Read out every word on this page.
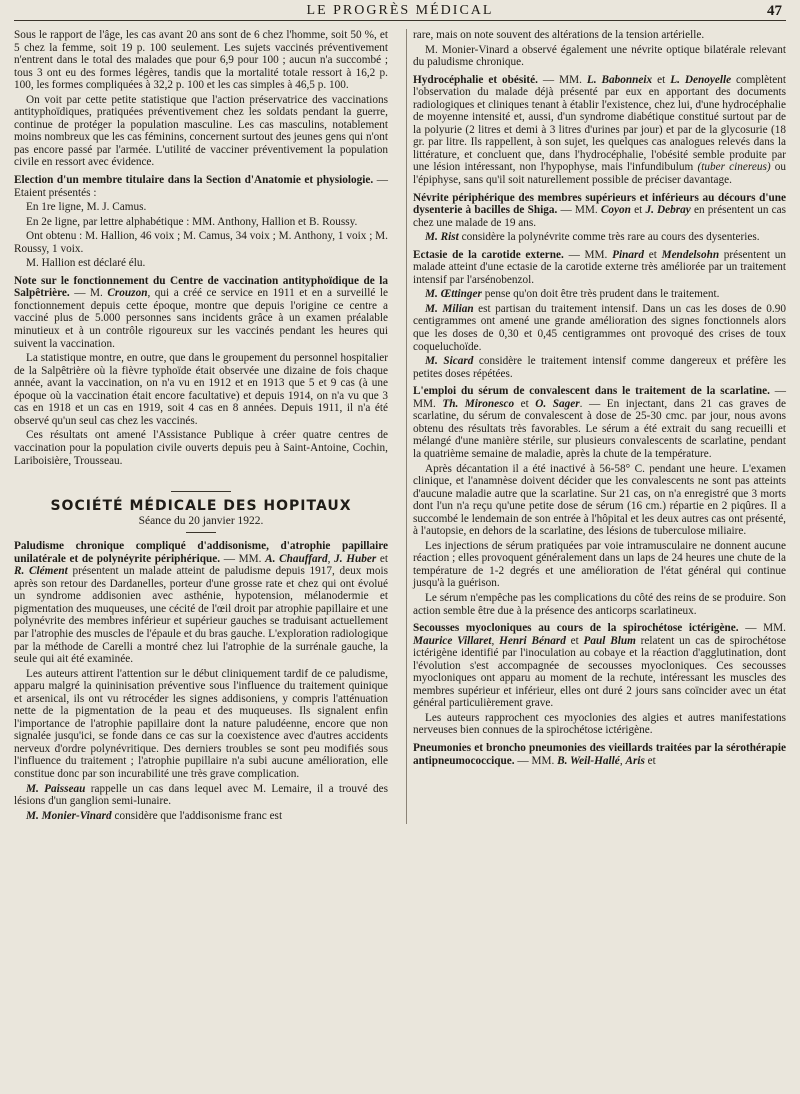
LE PROGRÈS MÉDICAL	47

Sous le rapport de l'âge, les cas avant 20 ans sont de 6 chez l'homme, soit 50 %, et 5 chez la femme, soit 19 p. 100 seulement. Les sujets vaccinés préventivement n'entrent dans le total des malades que pour 6,9 pour 100 ; aucun n'a succombé ; tous 3 ont eu des formes légères, tandis que la mortalité totale ressort à 16,2 p. 100, les formes compliquées à 32,2 p. 100 et les cas simples à 46,5 p. 100.

On voit par cette petite statistique que l'action préservatrice des vaccinations antityphoïdiques, pratiquées préventivement chez les soldats pendant la guerre, continue de protéger la population masculine. Les cas masculins, notablement moins nombreux que les cas féminins, concernent surtout des jeunes gens qui n'ont pas encore passé par l'armée. L'utilité de vacciner préventivement la population civile en ressort avec évidence.

Election d'un membre titulaire dans la Section d'Anatomie et physiologie. — Etaient présentés :

En 1re ligne, M. J. Camus.

En 2e ligne, par lettre alphabétique : MM. Anthony, Hallion et B. Roussy.

Ont obtenu : M. Hallion, 46 voix ; M. Camus, 34 voix ; M. Anthony, 1 voix ; M. Roussy, 1 voix.

M. Hallion est déclaré élu.

Note sur le fonctionnement du Centre de vaccination antityphoïdique de la Salpêtrière. — M. Crouzon, qui a créé ce service en 1911 et en a surveillé le fonctionnement depuis cette époque, montre que depuis l'origine ce centre a vacciné plus de 5.000 personnes sans incidents grâce à un examen préalable minutieux et à un contrôle rigoureux sur les vaccinés pendant les heures qui suivent la vaccination.

La statistique montre, en outre, que dans le groupement du personnel hospitalier de la Salpêtrière où la fièvre typhoïde était observée une dizaine de fois chaque année, avant la vaccination, on n'a vu en 1912 et en 1913 que 5 et 9 cas (à une époque où la vaccination était encore facultative) et depuis 1914, on n'a vu que 3 cas en 1918 et un cas en 1919, soit 4 cas en 8 années. Depuis 1911, il n'a été observé qu'un seul cas chez les vaccinés.

Ces résultats ont amené l'Assistance Publique à créer quatre centres de vaccination pour la population civile ouverts depuis peu à Saint-Antoine, Cochin, Lariboisière, Trousseau.

SOCIÉTÉ MÉDICALE DES HOPITAUX
Séance du 20 janvier 1922.

Paludisme chronique compliqué d'addisonisme, d'atrophie papillaire unilatérale et de polynéyrite périphérique. — MM. A. Chauffard, J. Huber et R. Clément présentent un malade atteint de paludisme depuis 1917, deux mois après son retour des Dardanelles, porteur d'une grosse rate et chez qui ont évolué un syndrome addisonien avec asthénie, hypotension, mélanodermie et pigmentation des muqueuses, une cécité de l'œil droit par atrophie papillaire et une polynévrite des membres inférieur et supérieur gauches se traduisant actuellement par l'atrophie des muscles de l'épaule et du bras gauche. L'exploration radiologique par la méthode de Carelli a montré chez lui l'atrophie de la surrénale gauche, la seule qui ait été examinée.

Les auteurs attirent l'attention sur le début cliniquement tardif de ce paludisme, apparu malgré la quininisation préventive sous l'influence du traitement quinique et arsenical, ils ont vu rétrocéder les signes addisoniens, y compris l'atténuation nette de la pigmentation de la peau et des muqueuses. Ils signalent enfin l'importance de l'atrophie papillaire dont la nature paludéenne, encore que non signalée jusqu'ici, se fonde dans ce cas sur la coexistence avec d'autres accidents nerveux d'ordre polynévritique. Des derniers troubles se sont peu modifiés sous l'influence du traitement ; l'atrophie pupillaire n'a subi aucune amélioration, elle constitue donc par son incurabilité une très grave complication.

M. Paisseau rappelle un cas dans lequel avec M. Lemaire, il a trouvé des lésions d'un ganglion semi-lunaire.

M. Monier-Vinard considère que l'addisonisme franc est

rare, mais on note souvent des altérations de la tension artérielle.

M. Monier-Vinard a observé également une névrite optique bilatérale relevant du paludisme chronique.

Hydrocéphalie et obésité. — MM. L. Babonneix et L. Denoyelle complètent l'observation du malade déjà présenté par eux en apportant des documents radiologiques et cliniques tenant à établir l'existence, chez lui, d'une hydrocéphalie de moyenne intensité et, aussi, d'un syndrome diabétique constitué surtout par de la polyurie (2 litres et demi à 3 litres d'urines par jour) et par de la glycosurie (18 gr. par litre. Ils rappellent, à son sujet, les quelques cas analogues relevés dans la littérature, et concluent que, dans l'hydrocéphalie, l'obésité semble produite par une lésion intéressant, non l'hypophyse, mais l'infundibulum (tuber cinereus) ou l'épiphyse, sans qu'il soit naturellement possible de préciser davantage.

Névrite périphérique des membres supérieurs et inférieurs au décours d'une dysenterie à bacilles de Shiga. — MM. Coyon et J. Debray en présentent un cas chez une malade de 19 ans.

M. Rist considère la polynévrite comme très rare au cours des dysenteries.

Ectasie de la carotide externe. — MM. Pinard et Mendelsohn présentent un malade atteint d'une ectasie de la carotide externe très améliorée par un traitement intensif par l'arsénobenzol.

M. Œttinger pense qu'on doit être très prudent dans le traitement.

M. Milian est partisan du traitement intensif. Dans un cas les doses de 0.90 centigrammes ont amené une grande amélioration des signes fonctionnels alors que les doses de 0,30 et 0,45 centigrammes ont provoqué des crises de toux coqueluchoïde.

M. Sicard considère le traitement intensif comme dangereux et préfère les petites doses répétées.

L'emploi du sérum de convalescent dans le traitement de la scarlatine. — MM. Th. Mironesco et O. Sager. — En injectant, dans 21 cas graves de scarlatine, du sérum de convalescent à dose de 25-30 cmc. par jour, nous avons obtenu des résultats très favorables. Le sérum a été extrait du sang recueilli et mélangé d'une manière stérile, sur plusieurs convalescents de scarlatine, pendant la quatrième semaine de maladie, après la chute de la température.

Après décantation il a été inactivé à 56-58° C. pendant une heure. L'examen clinique, et l'anamnèse doivent décider que les convalescents ne sont pas atteints d'aucune maladie autre que la scarlatine. Sur 21 cas, on n'a enregistré que 3 morts dont l'un n'a reçu qu'une petite dose de sérum (16 cm.) répartie en 2 piqûres. Il a succombé le lendemain de son entrée à l'hôpital et les deux autres cas ont présenté, à l'autopsie, en dehors de la scarlatine, des lésions de tuberculose miliaire.

Les injections de sérum pratiquées par voie intramusculaire ne donnent aucune réaction ; elles provoquent généralement dans un laps de 24 heures une chute de la température de 1-2 degrés et une amélioration de l'état général qui continue jusqu'à la guérison.

Le sérum n'empêche pas les complications du côté des reins de se produire. Son action semble être due à la présence des anticorps scarlatineux.

Secousses myocloniques au cours de la spirochétose ictérigène. — MM. Maurice Villaret, Henri Bénard et Paul Blum relatent un cas de spirochétose ictérigène identifié par l'inoculation au cobaye et la réaction d'agglutination, dont l'évolution s'est accompagnée de secousses myocloniques. Ces secousses myocloniques ont apparu au moment de la rechute, intéressant les muscles des membres supérieur et inférieur, elles ont duré 2 jours sans coïncider avec un état général particulièrement grave.

Les auteurs rapprochent ces myoclonies des algies et autres manifestations nerveuses bien connues de la spirochétose ictérigène.

Pneumonies et broncho pneumonies des vieillards traitées par la sérothérapie antipneumococcique. — MM. B. Weil-Hallé, Aris et
